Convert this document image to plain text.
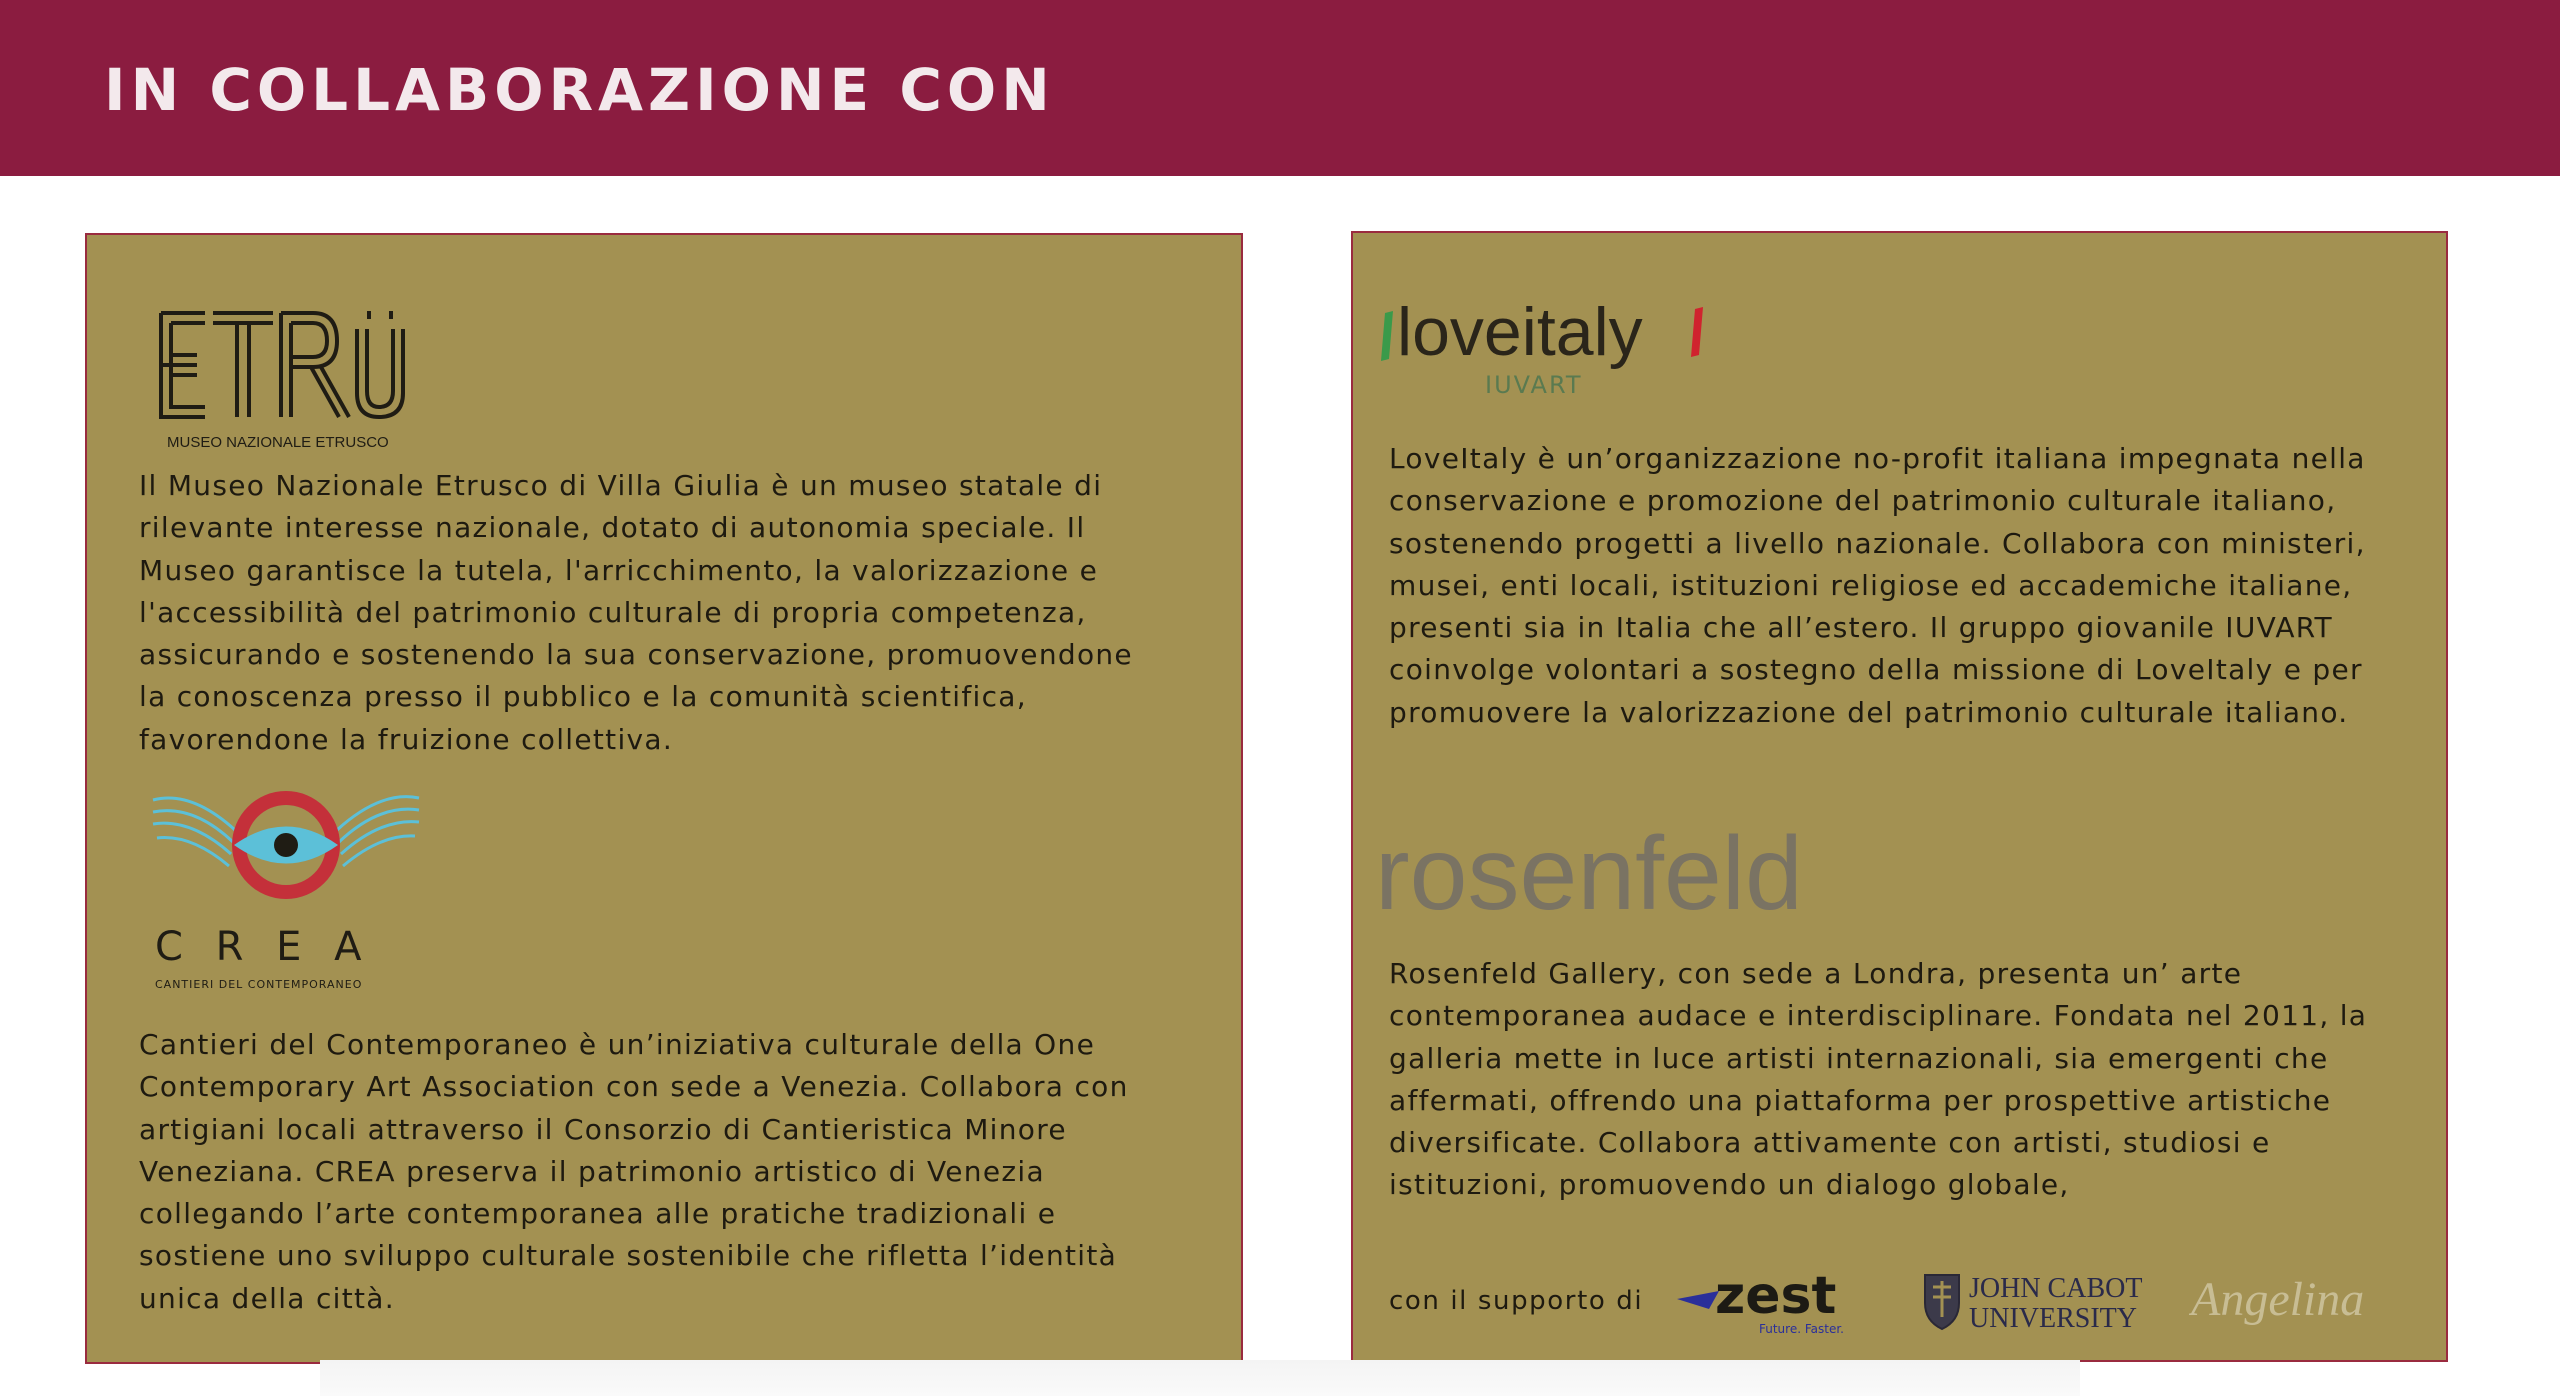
IN COLLABORAZIONE CON
MUSEO NAZIONALE ETRUSCO
Il Museo Nazionale Etrusco di Villa Giulia è un museo statale di
rilevante interesse nazionale, dotato di autonomia speciale. Il
Museo garantisce la tutela, l'arricchimento, la valorizzazione e
l'accessibilità del patrimonio culturale di propria competenza,
assicurando e sostenendo la sua conservazione, promuovendone
la conoscenza presso il pubblico e la comunità scientifica,
favorendone la fruizione collettiva.
C R E A
CANTIERI DEL CONTEMPORANEO
Cantieri del Contemporaneo è un’iniziativa culturale della One
Contemporary Art Association con sede a Venezia. Collabora con
artigiani locali attraverso il Consorzio di Cantieristica Minore
Veneziana. CREA preserva il patrimonio artistico di Venezia
collegando l’arte contemporanea alle pratiche tradizionali e
sostiene uno sviluppo culturale sostenibile che rifletta l’identità
unica della città.
loveitaly
IUVART
LoveItaly è un’organizzazione no-profit italiana impegnata nella
conservazione e promozione del patrimonio culturale italiano,
sostenendo progetti a livello nazionale. Collabora con ministeri,
musei, enti locali, istituzioni religiose ed accademiche italiane,
presenti sia in Italia che all’estero. Il gruppo giovanile IUVART
coinvolge volontari a sostegno della missione di LoveItaly e per
promuovere la valorizzazione del patrimonio culturale italiano.
rosenfeld
Rosenfeld Gallery, con sede a Londra, presenta un’ arte
contemporanea audace e interdisciplinare. Fondata nel 2011, la
galleria mette in luce artisti internazionali, sia emergenti che
affermati, offrendo una piattaforma per prospettive artistiche
diversificate. Collabora attivamente con artisti, studiosi e
istituzioni, promuovendo un dialogo globale,
con il supporto di zest
Future. Faster.
JOHN CABOT
UNIVERSITY Angelina
